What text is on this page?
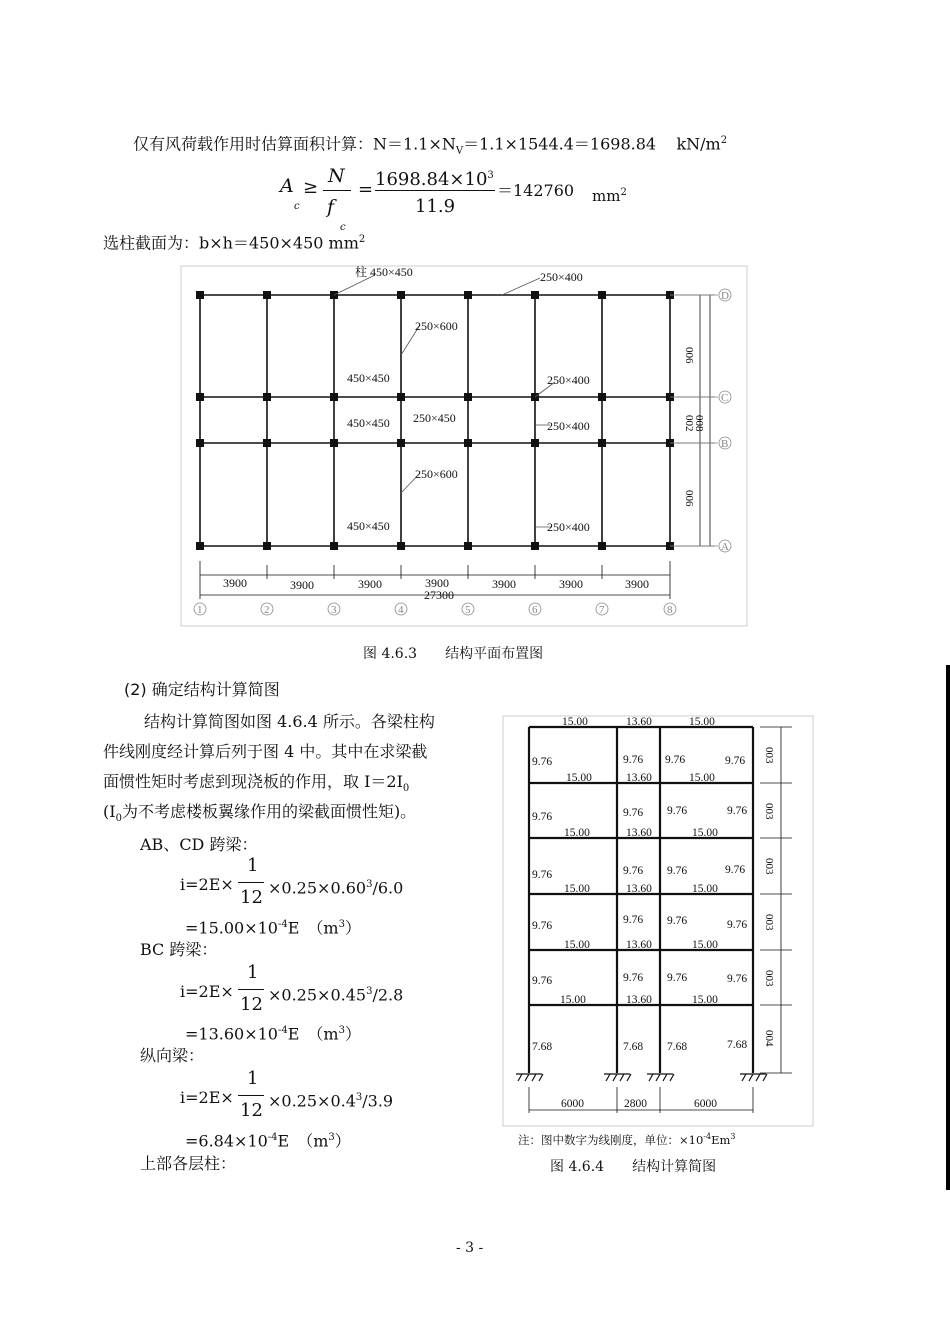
仅有风荷载作用时估算面积计算：$N=1.1\times N_V=1.1\times 1544.4=1698.84$ $kN/m^2$
A
c
≥
N
f
c
= $1698.84\times 10^3$
11.9
＝142760 $mm^2$
选柱截面为：b×h＝450×450 $mm^2$
柱 450×450	250×400
250×600
450×450	250×400
450×450 250×450
250×400
250×600
450×450	250×400
006
002
008
006
D
C
B
A
3900	3900	3900	3900	3900	3900	3900
27300
1	2	3	4	5	6	7	8
图 4.6.3　　结构平面布置图
(2) 确定结构计算简图
结构计算简图如图 4.6.4 所示。各梁柱构
件线刚度经计算后列于图 4 中。其中在求梁截
面惯性矩时考虑到现浇板的作用，取 $I=2I_0$
($I_0$为不考虑楼板翼缘作用的梁截面惯性矩)。
AB、CD 跨梁：
i=2E×
1
$12 \times 0.25\times 0.60^3/6.0$
$=15.00\times 10^{-4}E$　$(m^3)$
BC 跨梁：
i=2E×
1
$12 \times 0.25\times 0.45^3/2.8$
$=13.60\times 10^{-4}E$　$(m^3)$
纵向梁：
i=2E×
1
$12 \times 0.25\times 0.4^3/3.9$
$=6.84\times 10^{-4}E$　$(m^3)$
上部各层柱：
15.00	13.60	15.00
15.00	13.60	15.00
15.00	13.60	15.00
15.00	13.60	15.00
15.00	13.60	15.00
15.00	13.60	15.00
9.76	9.76 9.76	9.76
9.76	9.76 9.76	9.76
9.76	9.76 9.76	9.76
9.76	9.76 9.76	9.76
9.76	9.76 9.76	9.76
7.68	7.68 7.68	7.68
003
003
003
003
003
004
6000	2800	6000
注：图中数字为线刚度，单位：$\times 10^{-4}Em^3$
图 4.6.4　　结构计算简图
- 3 -
